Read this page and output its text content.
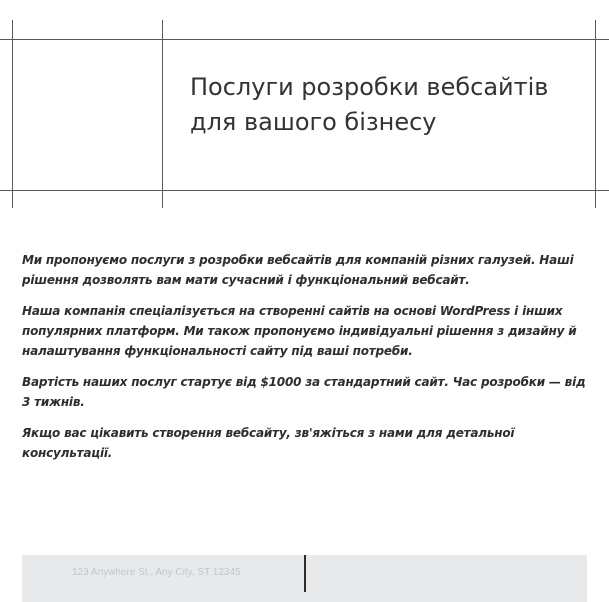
Послуги розробки вебсайтів
для вашого бізнесу

Ми пропонуємо послуги з розробки вебсайтів для компаній різних галузей. Наші рішення дозволять вам мати сучасний і функціональний вебсайт.

Наша компанія спеціалізується на створенні сайтів на основі WordPress і інших популярних платформ. Ми також пропонуємо індивідуальні рішення з дизайну й налаштування функціональності сайту під ваші потреби.

Вартість наших послуг стартує від $1000 за стандартний сайт. Час розробки — від 3 тижнів.

Якщо вас цікавить створення вебсайту, зв'яжіться з нами для детальної консультації.

123 Anywhere St., Any City, ST 12345
